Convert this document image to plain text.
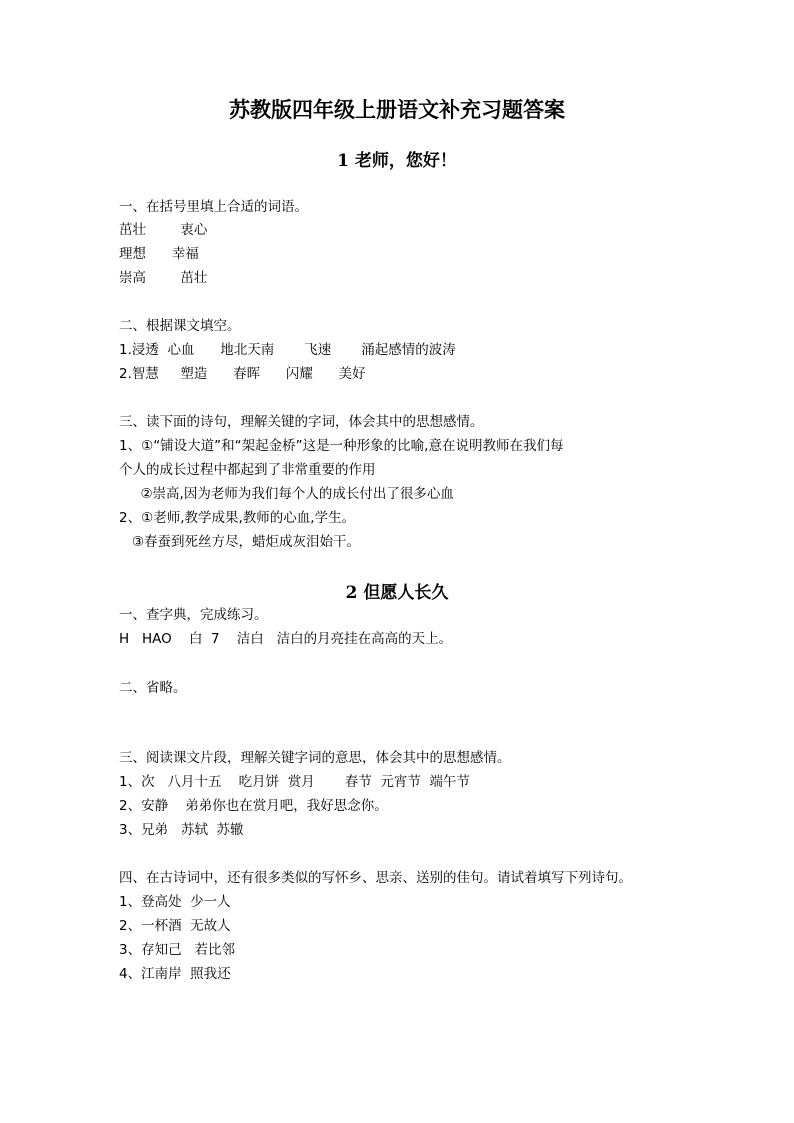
苏教版四年级上册语文补充习题答案
1 老师，您好！
一、在括号里填上合适的词语。
茁壮        衷心
理想      幸福
崇高        茁壮
二、根据课文填空。
1.浸透  心血      地北天南       飞速       涌起感情的波涛
2.智慧     塑造      春晖      闪耀      美好
三、读下面的诗句，理解关键的字词，体会其中的思想感情。
1、①“铺设大道”和“架起金桥”这是一种形象的比喻,意在说明教师在我们每
个人的成长过程中都起到了非常重要的作用
②崇高,因为老师为我们每个人的成长付出了很多心血
2、①老师,教学成果,教师的心血,学生。
③春蚕到死丝方尽，蜡炬成灰泪始干。
2 但愿人长久
一、查字典，完成练习。
H   HAO    白  7    洁白   洁白的月亮挂在高高的天上。
二、省略。
三、阅读课文片段，理解关键字词的意思，体会其中的思想感情。
1、次   八月十五    吃月饼  赏月       春节  元宵节  端午节
2、安静    弟弟你也在赏月吧，我好思念你。
3、兄弟   苏轼  苏辙
四、在古诗词中，还有很多类似的写怀乡、思亲、送别的佳句。请试着填写下列诗句。
1、登高处  少一人
2、一杯酒  无故人
3、存知己   若比邻
4、江南岸  照我还
